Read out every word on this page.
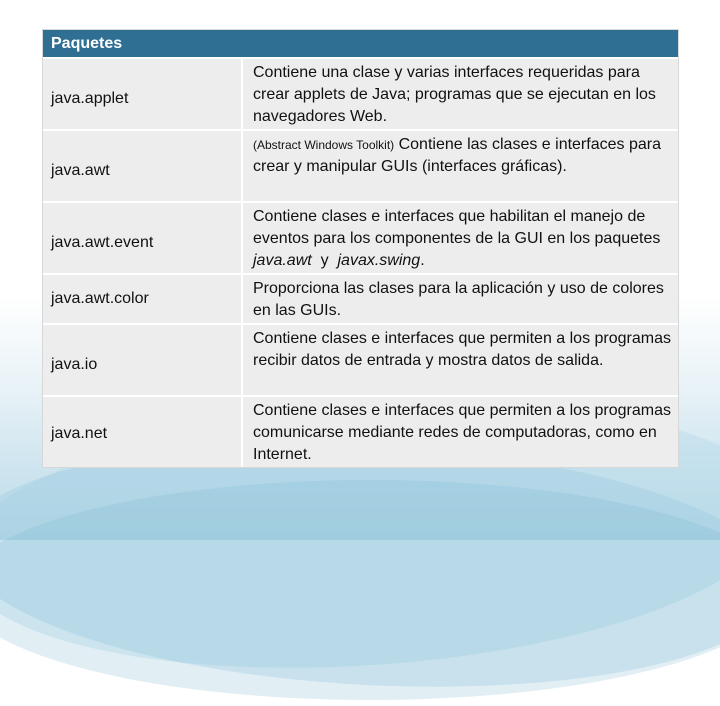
Paquetes
java.applet
Contiene una clase y varias interfaces requeridas para crear applets de Java; programas que se ejecutan en los navegadores Web.
java.awt
(Abstract Windows Toolkit) Contiene las clases e interfaces para crear y manipular GUIs (interfaces gráficas).
java.awt.event
Contiene clases e interfaces que habilitan el manejo de eventos para los componentes de la GUI en los paquetes java.awt  y  javax.swing.
java.awt.color
Proporciona las clases para la aplicación y uso de colores en las GUIs.
java.io
Contiene clases e interfaces que permiten a los programas recibir datos de entrada y mostra datos de salida.
java.net
Contiene clases e interfaces que permiten a los programas comunicarse mediante redes de computadoras, como en Internet.
